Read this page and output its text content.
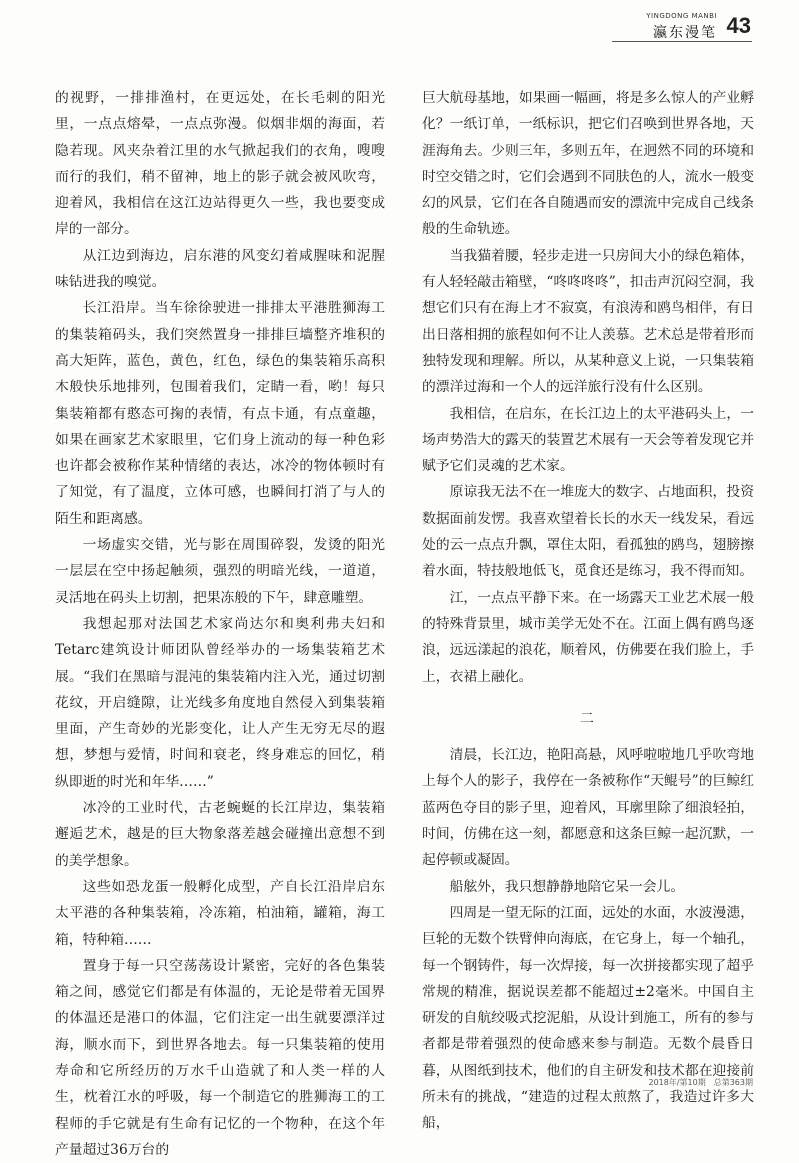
YINGDONG MANBI
瀛东漫笔 43

的视野，一排排渔村，在更远处，在长毛刺的阳光里，一点点熔晕，一点点弥漫。似烟非烟的海面，若隐若现。风夹杂着江里的水气掀起我们的衣角，嗖嗖而行的我们，稍不留神，地上的影子就会被风吹弯，迎着风，我相信在这江边站得更久一些，我也要变成岸的一部分。

从江边到海边，启东港的风变幻着咸腥味和泥腥味钻进我的嗅觉。

长江沿岸。当车徐徐驶进一排排太平港胜狮海工的集装箱码头，我们突然置身一排排巨墙整齐堆积的高大矩阵，蓝色，黄色，红色，绿色的集装箱乐高积木般快乐地排列，包围着我们，定睛一看，哟！每只集装箱都有憨态可掬的表情，有点卡通，有点童趣，如果在画家艺术家眼里，它们身上流动的每一种色彩也许都会被称作某种情绪的表达，冰冷的物体顿时有了知觉，有了温度，立体可感，也瞬间打消了与人的陌生和距离感。

一场虚实交错，光与影在周围碎裂，发烫的阳光一层层在空中扬起触须，强烈的明暗光线，一道道，灵活地在码头上切割，把果冻般的下午，肆意雕塑。

我想起那对法国艺术家尚达尔和奥利弗夫妇和Tetarc建筑设计师团队曾经举办的一场集装箱艺术展。“我们在黑暗与混沌的集装箱内注入光，通过切割花纹，开启缝隙，让光线多角度地自然侵入到集装箱里面，产生奇妙的光影变化，让人产生无穷无尽的遐想，梦想与爱情，时间和衰老，终身难忘的回忆，稍纵即逝的时光和年华……”

冰冷的工业时代，古老蜿蜒的长江岸边，集装箱邂逅艺术，越是的巨大物象落差越会碰撞出意想不到的美学想象。

这些如恐龙蛋一般孵化成型，产自长江沿岸启东太平港的各种集装箱，冷冻箱，柏油箱，罐箱，海工箱，特种箱……

置身于每一只空荡荡设计紧密，完好的各色集装箱之间，感觉它们都是有体温的，无论是带着无国界的体温还是港口的体温，它们注定一出生就要漂洋过海，顺水而下，到世界各地去。每一只集装箱的使用寿命和它所经历的万水千山造就了和人类一样的人生，枕着江水的呼吸，每一个制造它的胜狮海工的工程师的手它就是有生命有记忆的一个物种，在这个年产量超过36万台的

巨大航母基地，如果画一幅画，将是多么惊人的产业孵化？一纸订单，一纸标识，把它们召唤到世界各地，天涯海角去。少则三年，多则五年，在迥然不同的环境和时空交错之时，它们会遇到不同肤色的人，流水一般变幻的风景，它们在各自随遇而安的漂流中完成自己线条般的生命轨迹。

当我猫着腰，轻步走进一只房间大小的绿色箱体，有人轻轻敲击箱壁，“咚咚咚咚”，扣击声沉闷空洞，我想它们只有在海上才不寂寞，有浪涛和鸥鸟相伴，有日出日落相拥的旅程如何不让人羡慕。艺术总是带着形而独特发现和理解。所以，从某种意义上说，一只集装箱的漂洋过海和一个人的远洋旅行没有什么区别。

我相信，在启东，在长江边上的太平港码头上，一场声势浩大的露天的装置艺术展有一天会等着发现它并赋予它们灵魂的艺术家。

原谅我无法不在一堆庞大的数字、占地面积，投资数据面前发愣。我喜欢望着长长的水天一线发呆，看远处的云一点点升飘，罩住太阳，看孤独的鸥鸟，翅膀擦着水面，特技般地低飞，觅食还是练习，我不得而知。

江，一点点平静下来。在一场露天工业艺术展一般的特殊背景里，城市美学无处不在。江面上偶有鸥鸟逐浪，远远漾起的浪花，顺着风，仿佛要在我们脸上，手上，衣裙上融化。

二

清晨，长江边，艳阳高悬，风呼啦啦地几乎吹弯地上每个人的影子，我停在一条被称作“天鲲号”的巨鲸红蓝两色夺目的影子里，迎着风，耳廓里除了细浪轻拍，时间，仿佛在这一刻，都愿意和这条巨鲸一起沉默，一起停顿或凝固。

船舷外，我只想静静地陪它呆一会儿。

四周是一望无际的江面，远处的水面，水波漫漶，巨轮的无数个铁臂伸向海底，在它身上，每一个轴孔，每一个钢铸件，每一次焊接，每一次拼接都实现了超乎常规的精准，据说误差都不能超过±2毫米。中国自主研发的自航绞吸式挖泥船，从设计到施工，所有的参与者都是带着强烈的使命感来参与制造。无数个晨昏日暮，从图纸到技术，他们的自主研发和技术都在迎接前所未有的挑战，“建造的过程太煎熬了，我造过许多大船，

2018年/第10期　总第363期
